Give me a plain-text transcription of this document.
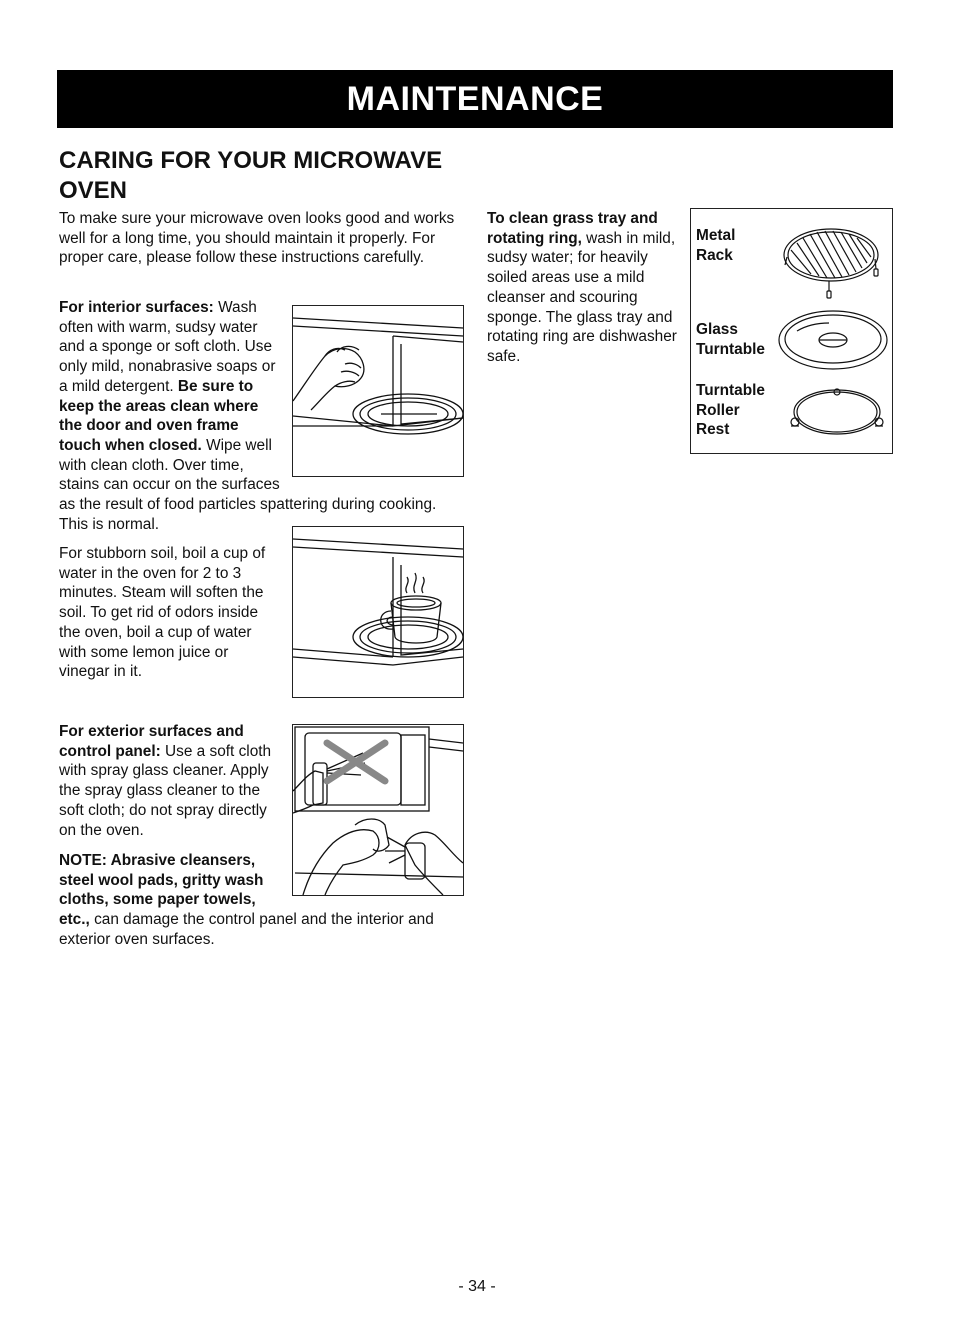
MAINTENANCE
CARING FOR YOUR MICROWAVE OVEN
To make sure your microwave oven looks good and works well for a long time, you should maintain it properly. For proper care, please follow these instructions carefully.
For interior surfaces: Wash often with warm, sudsy water and a sponge or soft cloth. Use only mild, nonabrasive soaps or a mild detergent. Be sure to keep the areas clean where the door and oven frame touch when closed. Wipe well with clean cloth. Over time, stains can occur on the surfaces as the result of food particles spattering during cooking. This is normal.
For stubborn soil, boil a cup of water in the oven for 2 to 3 minutes. Steam will soften the soil. To get rid of odors inside the oven, boil a cup of water with some lemon juice or vinegar in it.
For exterior surfaces and control panel: Use a soft cloth with spray glass cleaner. Apply the spray glass cleaner to the soft cloth; do not spray directly on the oven.
NOTE: Abrasive cleansers, steel wool pads, gritty wash cloths, some paper towels, etc., can damage the control panel and the interior and exterior oven surfaces.
To clean grass tray and rotating ring, wash in mild, sudsy water; for heavily soiled areas use a mild cleanser and scouring sponge. The glass tray and rotating ring are dishwasher safe.
Metal
Rack
Glass
Turntable
Turntable
Roller
Rest
- 34 -
